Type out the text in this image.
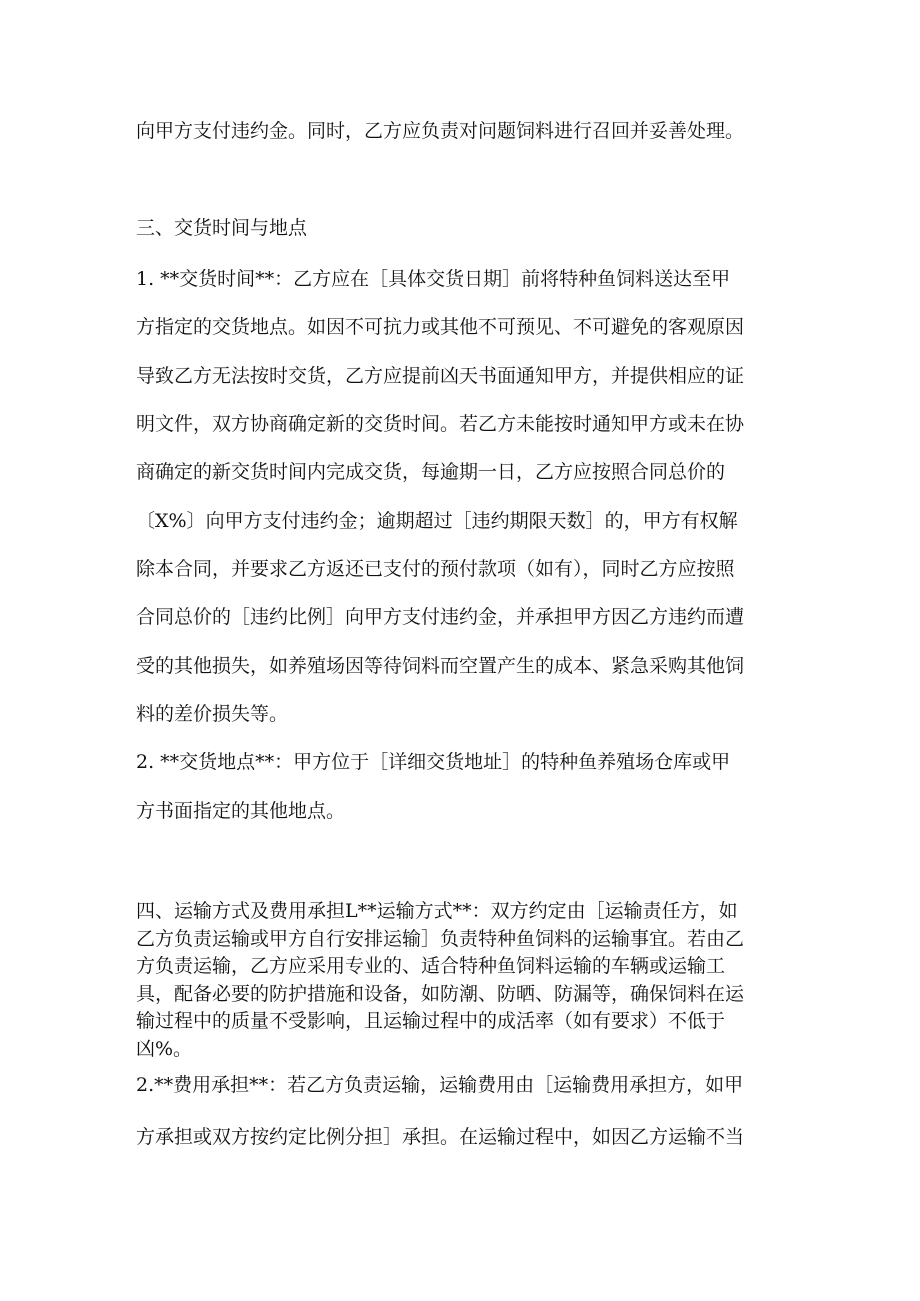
向甲方支付违约金。同时，乙方应负责对问题饲料进行召回并妥善处理。
三、交货时间与地点
1. **交货时间**：乙方应在［具体交货日期］前将特种鱼饲料送达至甲
方指定的交货地点。如因不可抗力或其他不可预见、不可避免的客观原因
导致乙方无法按时交货，乙方应提前凶天书面通知甲方，并提供相应的证
明文件，双方协商确定新的交货时间。若乙方未能按时通知甲方或未在协
商确定的新交货时间内完成交货，每逾期一日，乙方应按照合同总价的
〔X%〕向甲方支付违约金；逾期超过［违约期限天数］的，甲方有权解
除本合同，并要求乙方返还已支付的预付款项（如有），同时乙方应按照
合同总价的［违约比例］向甲方支付违约金，并承担甲方因乙方违约而遭
受的其他损失，如养殖场因等待饲料而空置产生的成本、紧急采购其他饲
料的差价损失等。
2. **交货地点**：甲方位于［详细交货地址］的特种鱼养殖场仓库或甲
方书面指定的其他地点。
四、运输方式及费用承担L**运输方式**：双方约定由［运输责任方，如
乙方负责运输或甲方自行安排运输］负责特种鱼饲料的运输事宜。若由乙
方负责运输，乙方应采用专业的、适合特种鱼饲料运输的车辆或运输工
具，配备必要的防护措施和设备，如防潮、防晒、防漏等，确保饲料在运
输过程中的质量不受影响，且运输过程中的成活率（如有要求）不低于
凶%。
2.**费用承担**：若乙方负责运输，运输费用由［运输费用承担方，如甲
方承担或双方按约定比例分担］承担。在运输过程中，如因乙方运输不当
